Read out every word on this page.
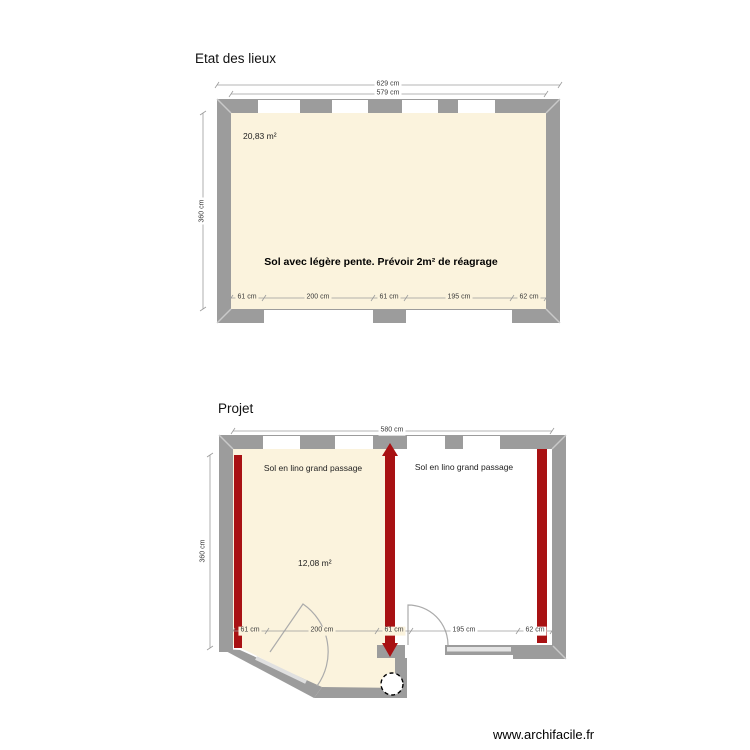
Etat des lieux
629 cm
579 cm
360 cm
20,83 m²
Sol avec légère pente. Prévoir 2m² de réagrage
61 cm	200 cm	61 cm	195 cm	62 cm
Projet
580 cm
360 cm
Sol en lino grand passage	Sol en lino grand passage
12,08 m²
61 cm	200 cm	61 cm	195 cm	62 cm
www.archifacile.fr
